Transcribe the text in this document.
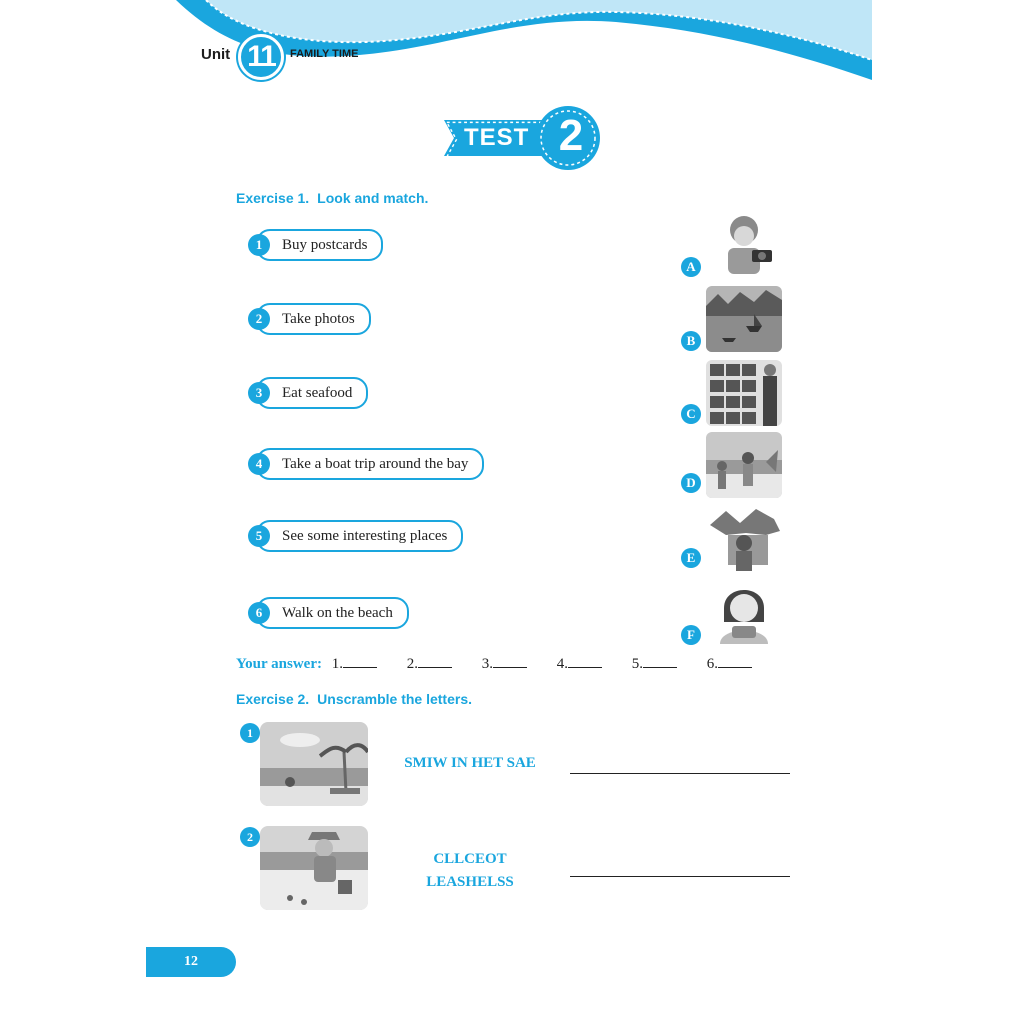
Unit 11	FAMILY TIME
TEST 2
Exercise 1. Look and match.
1	Buy postcards
2	Take photos
3	Eat seafood
4	Take a boat trip around the bay
5	See some interesting places
6	Walk on the beach
A
B
C
D
E
F
Your answer: 1.	2.	3.	4.	5.	6.
Exercise 2. Unscramble the letters.
1
SMIW IN HET SAE
2
CLLCEOT
LEASHELSS
12
